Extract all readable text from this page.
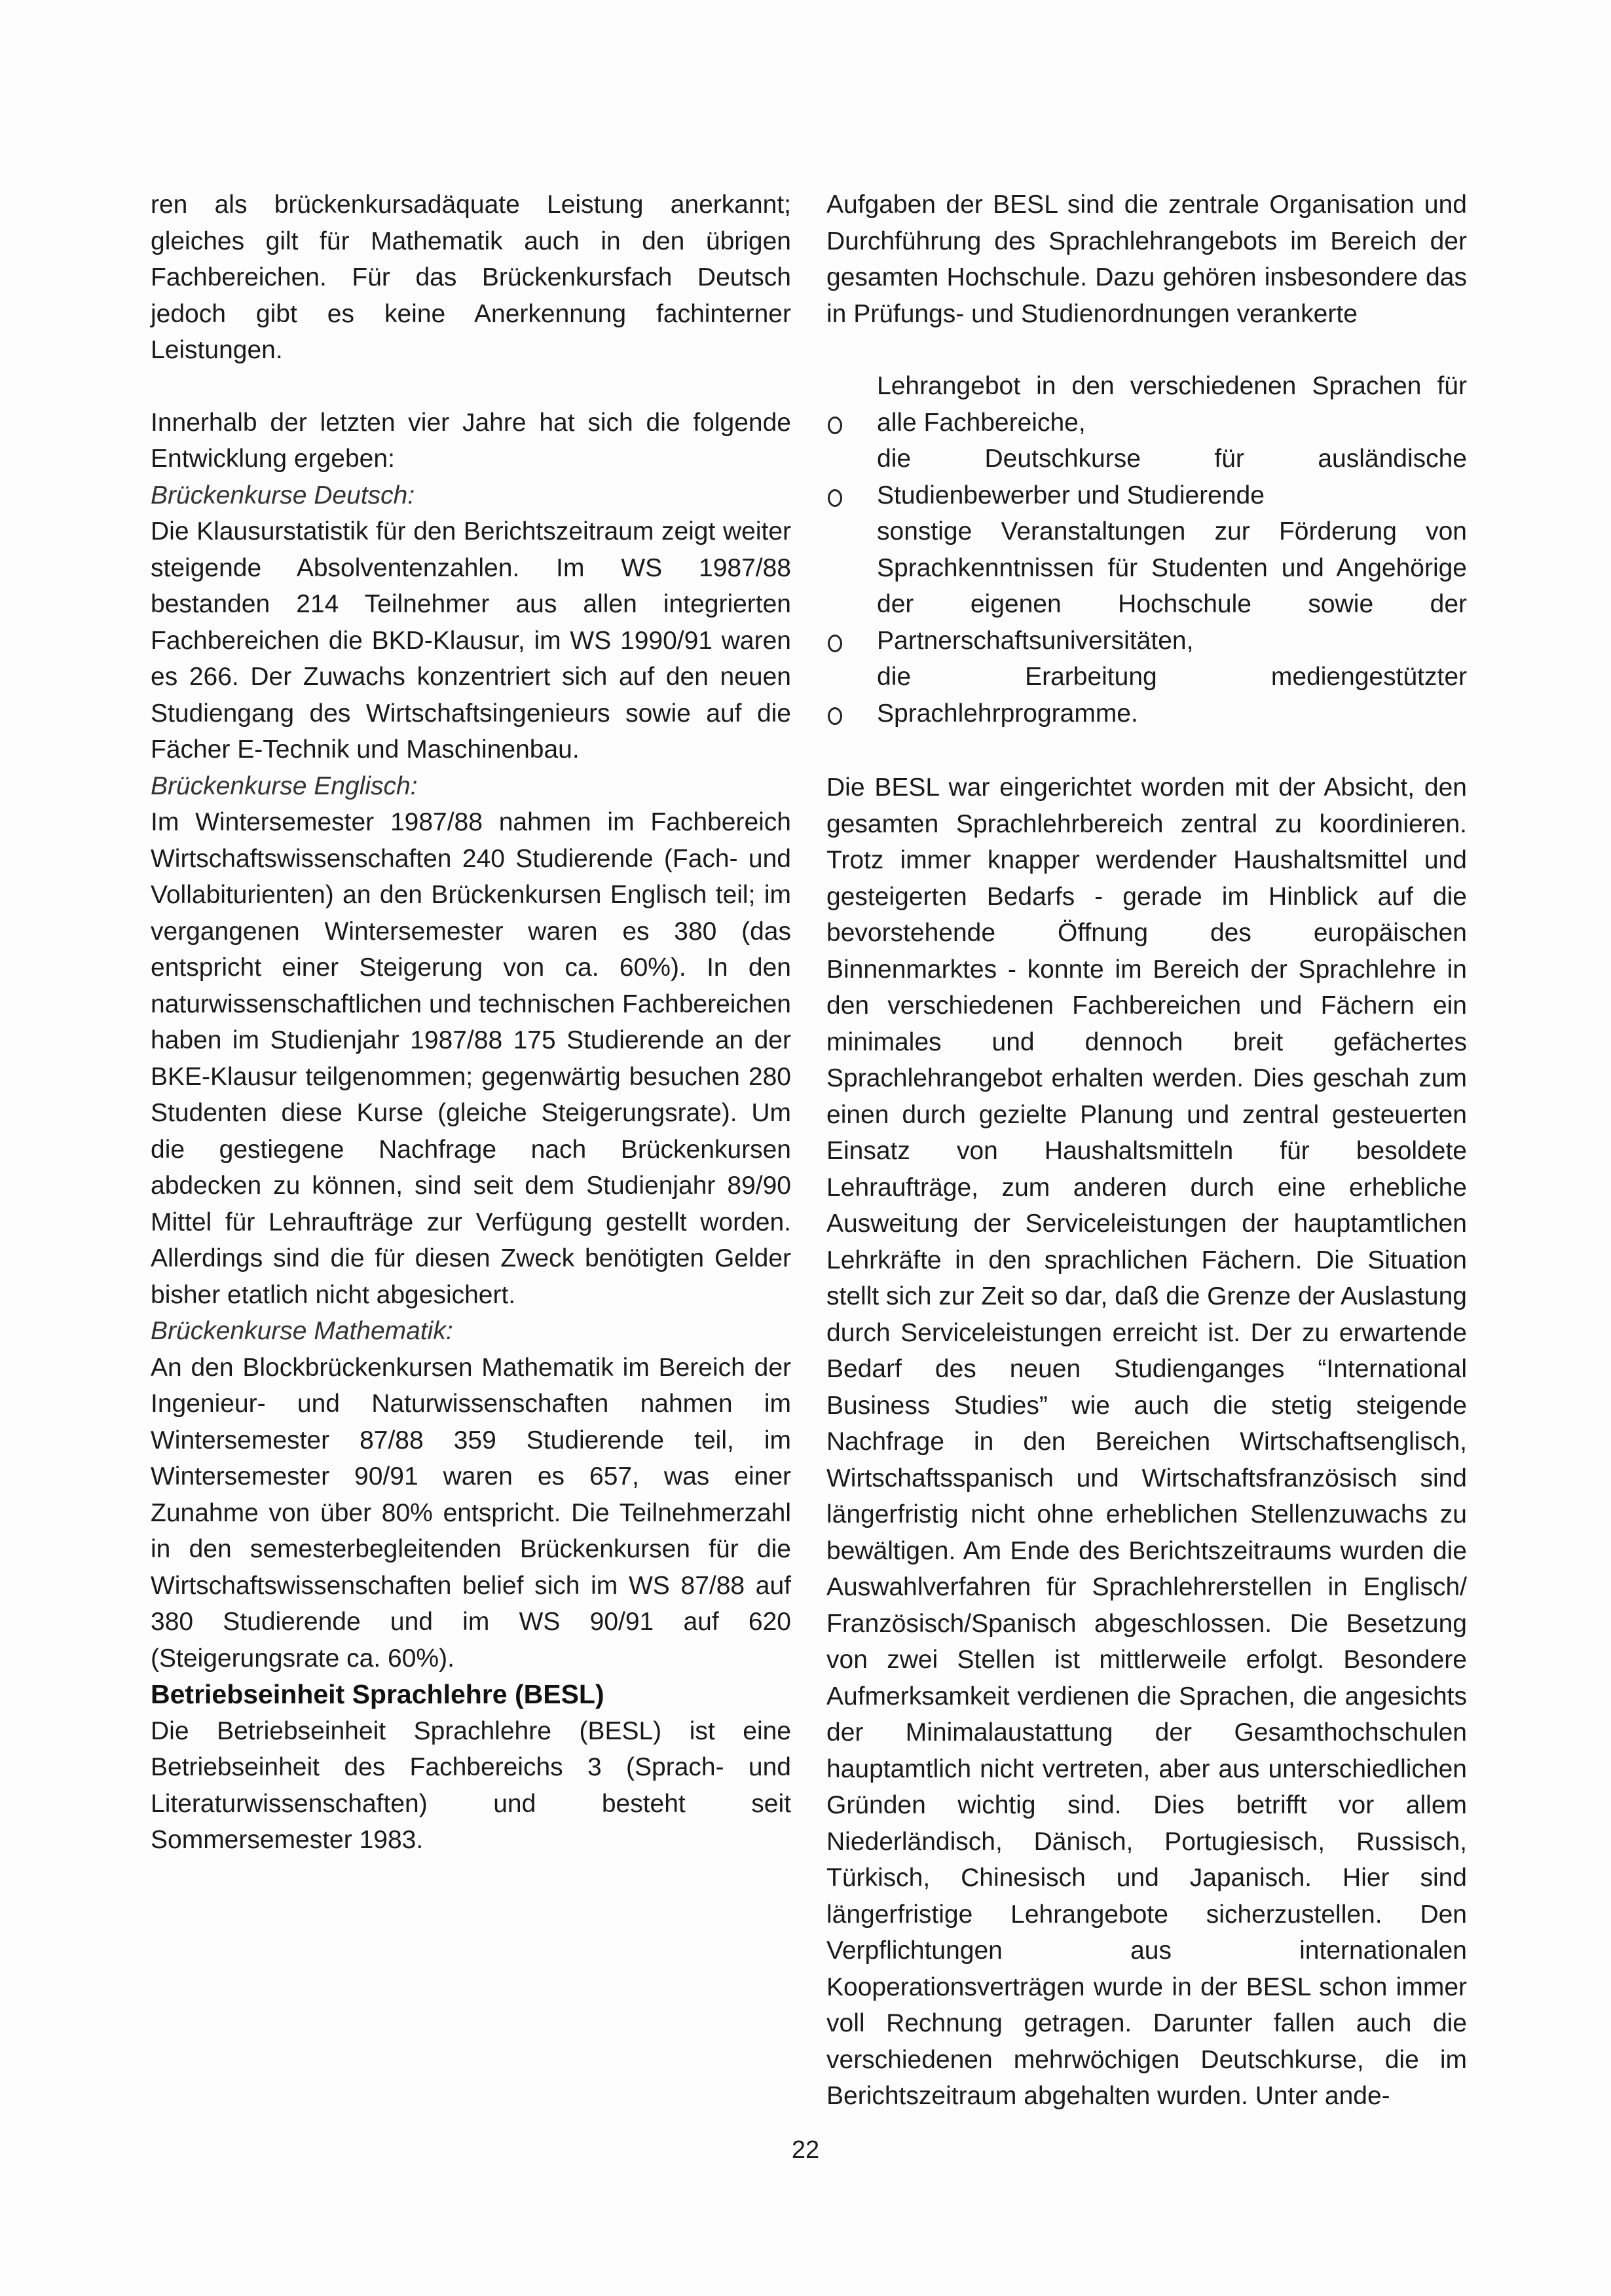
ren als brückenkursadäquate Leistung anerkannt; gleiches gilt für Mathematik auch in den übrigen Fachbereichen. Für das Brückenkursfach Deutsch jedoch gibt es keine Anerkennung fachinterner Leistungen.

Innerhalb der letzten vier Jahre hat sich die folgende Entwicklung ergeben:

Brückenkurse Deutsch:

Die Klausurstatistik für den Berichtszeitraum zeigt weiter steigende Absolventenzahlen. Im WS 1987/88 bestanden 214 Teilnehmer aus allen integrierten Fachbereichen die BKD-Klausur, im WS 1990/91 waren es 266. Der Zuwachs konzentriert sich auf den neuen Studiengang des Wirtschaftsingenieurs sowie auf die Fächer E-Technik und Maschinenbau.

Brückenkurse Englisch:

Im Wintersemester 1987/88 nahmen im Fachbereich Wirtschaftswissenschaften 240 Studierende (Fach- und Vollabiturienten) an den Brückenkursen Englisch teil; im vergangenen Wintersemester waren es 380 (das entspricht einer Steigerung von ca. 60%). In den naturwissenschaftlichen und technischen Fachbereichen haben im Studienjahr 1987/88 175 Studierende an der BKE-Klausur teilgenommen; gegenwärtig besuchen 280 Studenten diese Kurse (gleiche Steigerungsrate). Um die gestiegene Nachfrage nach Brückenkursen abdecken zu können, sind seit dem Studienjahr 89/90 Mittel für Lehraufträge zur Verfügung gestellt worden. Allerdings sind die für diesen Zweck benötigten Gelder bisher etatlich nicht abgesichert.

Brückenkurse Mathematik:

An den Blockbrückenkursen Mathematik im Bereich der Ingenieur- und Naturwissenschaften nahmen im Wintersemester 87/88 359 Studierende teil, im Wintersemester 90/91 waren es 657, was einer Zunahme von über 80% entspricht. Die Teilnehmerzahl in den semesterbegleitenden Brückenkursen für die Wirtschaftswissenschaften belief sich im WS 87/88 auf 380 Studierende und im WS 90/91 auf 620 (Steigerungsrate ca. 60%).

Betriebseinheit Sprachlehre (BESL)

Die Betriebseinheit Sprachlehre (BESL) ist eine Betriebseinheit des Fachbereichs 3 (Sprach- und Literaturwissenschaften) und besteht seit Sommersemester 1983.

Aufgaben der BESL sind die zentrale Organisation und Durchführung des Sprachlehrangebots im Bereich der gesamten Hochschule. Dazu gehören insbesondere das in Prüfungs- und Studienordnungen verankerte

Lehrangebot in den verschiedenen Sprachen für alle Fachbereiche,
die Deutschkurse für ausländische Studienbewerber und Studierende
sonstige Veranstaltungen zur Förderung von Sprachkenntnissen für Studenten und Angehörige der eigenen Hochschule sowie der Partnerschaftsuniversitäten,
die Erarbeitung mediengestützter Sprachlehrprogramme.

Die BESL war eingerichtet worden mit der Absicht, den gesamten Sprachlehrbereich zentral zu koordinieren. Trotz immer knapper werdender Haushaltsmittel und gesteigerten Bedarfs - gerade im Hinblick auf die bevorstehende Öffnung des europäischen Binnenmarktes - konnte im Bereich der Sprachlehre in den verschiedenen Fachbereichen und Fächern ein minimales und dennoch breit gefächertes Sprachlehrangebot erhalten werden. Dies geschah zum einen durch gezielte Planung und zentral gesteuerten Einsatz von Haushaltsmitteln für besoldete Lehraufträge, zum anderen durch eine erhebliche Ausweitung der Serviceleistungen der hauptamtlichen Lehrkräfte in den sprachlichen Fächern. Die Situation stellt sich zur Zeit so dar, daß die Grenze der Auslastung durch Serviceleistungen erreicht ist. Der zu erwartende Bedarf des neuen Studienganges “International Business Studies” wie auch die stetig steigende Nachfrage in den Bereichen Wirtschaftsenglisch, Wirtschaftsspanisch und Wirtschaftsfranzösisch sind längerfristig nicht ohne erheblichen Stellenzuwachs zu bewältigen. Am Ende des Berichtszeitraums wurden die Auswahlverfahren für Sprachlehrerstellen in Englisch/ Französisch/Spanisch abgeschlossen. Die Besetzung von zwei Stellen ist mittlerweile erfolgt. Besondere Aufmerksamkeit verdienen die Sprachen, die angesichts der Minimalaustattung der Gesamthochschulen hauptamtlich nicht vertreten, aber aus unterschiedlichen Gründen wichtig sind. Dies betrifft vor allem Niederländisch, Dänisch, Portugiesisch, Russisch, Türkisch, Chinesisch und Japanisch. Hier sind längerfristige Lehrangebote sicherzustellen. Den Verpflichtungen aus internationalen Kooperationsverträgen wurde in der BESL schon immer voll Rechnung getragen. Darunter fallen auch die verschiedenen mehrwöchigen Deutschkurse, die im Berichtszeitraum abgehalten wurden. Unter ande-

22
